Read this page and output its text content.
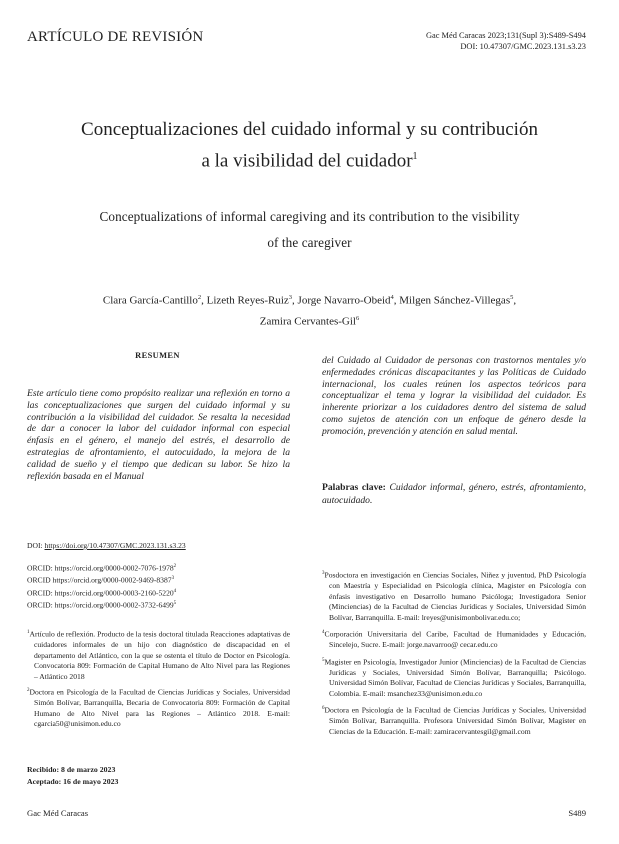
ARTÍCULO DE REVISIÓN	Gac Méd Caracas 2023;131(Supl 3):S489-S494
DOI: 10.47307/GMC.2023.131.s3.23
Conceptualizaciones del cuidado informal y su contribución
a la visibilidad del cuidador$^1$
Conceptualizations of informal caregiving and its contribution to the visibility
of the caregiver
Clara García-Cantillo$^2$, Lizeth Reyes-Ruiz$^3$, Jorge Navarro-Obeid$^4$, Milgen Sánchez-Villegas$^5$,
Zamira Cervantes-Gil$^6$
RESUMEN
Este artículo tiene como propósito realizar una reflexión en torno a las conceptualizaciones que surgen del cuidado informal y su contribución a la visibilidad del cuidador. Se resalta la necesidad de dar a conocer la labor del cuidador informal con especial énfasis en el género, el manejo del estrés, el desarrollo de estrategias de afrontamiento, el autocuidado, la mejora de la calidad de sueño y el tiempo que dedican su labor. Se hizo la reflexión basada en el Manual
del Cuidado al Cuidador de personas con trastornos mentales y/o enfermedades crónicas discapacitantes y las Políticas de Cuidado internacional, los cuales reúnen los aspectos teóricos para conceptualizar el tema y lograr la visibilidad del cuidador. Es inherente priorizar a los cuidadores dentro del sistema de salud como sujetos de atención con un enfoque de género desde la promoción, prevención y atención en salud mental.
Palabras clave: Cuidador informal, género, estrés, afrontamiento, autocuidado.
DOI: https://doi.org/10.47307/GMC.2023.131.s3.23
ORCID: https://orcid.org/0000-0002-7076-1978$^2$
ORCID https://orcid.org/0000-0002-9469-8387$^3$
ORCID: https://orcid.org/0000-0003-2160-5220$^4$
ORCID: https://orcid.org/0000-0002-3732-6499$^5$

$^1$Artículo de reflexión. Producto de la tesis doctoral titulada Reacciones adaptativas de cuidadores informales de un hijo con diagnóstico de discapacidad en el departamento del Atlántico, con la que se ostenta el título de Doctor en Psicología. Convocatoria 809: Formación de Capital Humano de Alto Nivel para las Regiones – Atlántico 2018

$^2$Doctora en Psicología de la Facultad de Ciencias Jurídicas y Sociales, Universidad Simón Bolívar, Barranquilla, Becaria de Convocatoria 809: Formación de Capital Humano de Alto Nivel para las Regiones – Atlántico 2018. E-mail: cgarcia50@unisimon.edu.co

$^3$Posdoctora en investigación en Ciencias Sociales, Niñez y juventud, PhD Psicología con Maestría y Especialidad en Psicología clínica, Magister en Psicología con énfasis investigativo en Desarrollo humano Psicóloga; Investigadora Senior (Minciencias) de la Facultad de Ciencias Jurídicas y Sociales, Universidad Simón Bolívar, Barranquilla. E-mail: lreyes@unisimonbolivar.edu.co;

$^4$Corporación Universitaria del Caribe, Facultad de Humanidades y Educación, Sincelejo, Sucre. E-mail: jorge.navarroo@ cecar.edu.co

$^5$Magister en Psicología, Investigador Junior (Minciencias) de la Facultad de Ciencias Jurídicas y Sociales, Universidad Simón Bolívar, Barranquilla; Psicólogo. Universidad Simón Bolívar, Facultad de Ciencias Jurídicas y Sociales, Barranquilla, Colombia. E-mail: msanchez33@unisimon.edu.co

$^6$Doctora en Psicología de la Facultad de Ciencias Jurídicas y Sociales, Universidad Simón Bolívar, Barranquilla. Profesora Universidad Simón Bolívar, Magíster en Ciencias de la Educación. E-mail: zamiracervantesgil@gmail.com

Recibido: 8 de marzo 2023
Aceptado: 16 de mayo 2023
Gac Méd Caracas	S489
